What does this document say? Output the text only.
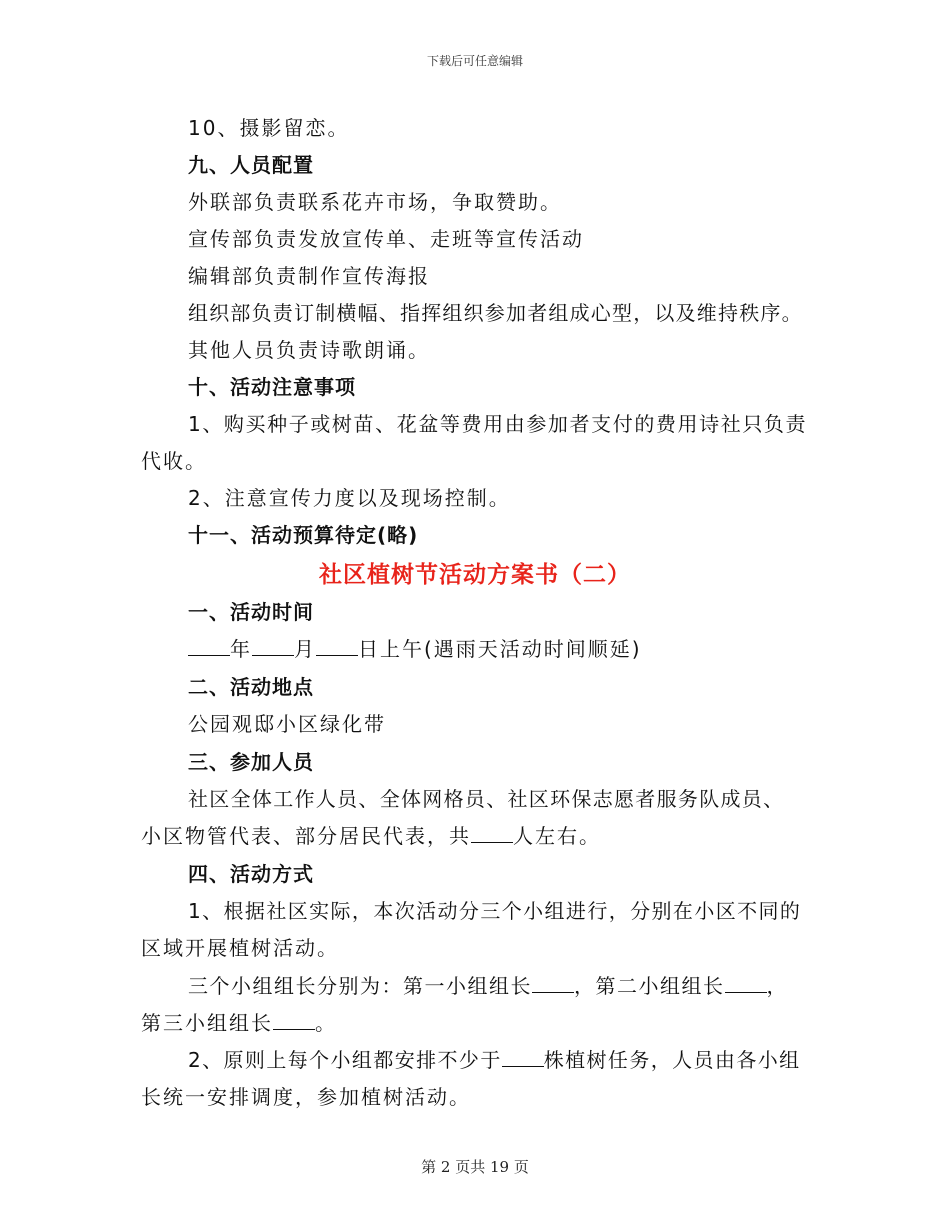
下载后可任意编辑
10、摄影留恋。
九、人员配置
外联部负责联系花卉市场，争取赞助。
宣传部负责发放宣传单、走班等宣传活动
编辑部负责制作宣传海报
组织部负责订制横幅、指挥组织参加者组成心型，以及维持秩序。
其他人员负责诗歌朗诵。
十、活动注意事项
1、购买种子或树苗、花盆等费用由参加者支付的费用诗社只负责
代收。
2、注意宣传力度以及现场控制。
十一、活动预算待定(略)
社区植树节活动方案书（二）
一、活动时间
年 月 日上午(遇雨天活动时间顺延)
二、活动地点
公园观邸小区绿化带
三、参加人员
社区全体工作人员、全体网格员、社区环保志愿者服务队成员、
小区物管代表、部分居民代表，共 人左右。
四、活动方式
1、根据社区实际，本次活动分三个小组进行，分别在小区不同的
区域开展植树活动。
三个小组组长分别为：第一小组组长 ，第二小组组长 ，
第三小组组长 。
2、原则上每个小组都安排不少于 株植树任务，人员由各小组
长统一安排调度，参加植树活动。
第 2 页共 19 页
